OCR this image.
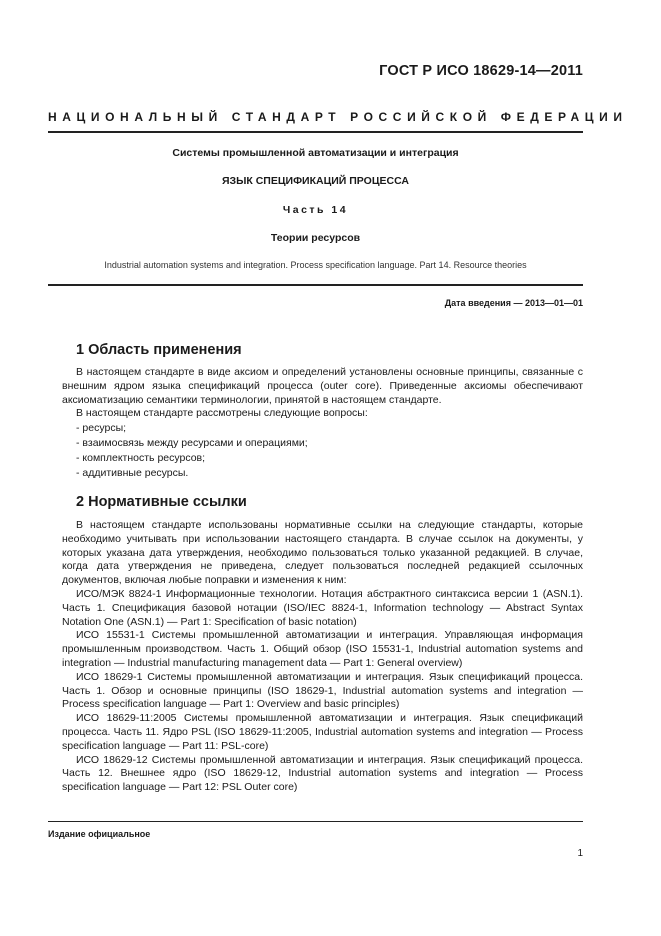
ГОСТ Р ИСО 18629-14—2011
НАЦИОНАЛЬНЫЙ СТАНДАРТ РОССИЙСКОЙ ФЕДЕРАЦИИ
Системы промышленной автоматизации и интеграция
ЯЗЫК СПЕЦИФИКАЦИЙ ПРОЦЕССА
Часть 14
Теории ресурсов
Industrial automation systems and integration. Process specification language. Part 14. Resource theories
Дата введения — 2013—01—01
1 Область применения

В настоящем стандарте в виде аксиом и определений установлены основные принципы, связанные с внешним ядром языка спецификаций процесса (outer core). Приведенные аксиомы обеспечивают аксиоматизацию семантики терминологии, принятой в настоящем стандарте.

В настоящем стандарте рассмотрены следующие вопросы:

- ресурсы;
- взаимосвязь между ресурсами и операциями;
- комплектность ресурсов;
- аддитивные ресурсы.
2 Нормативные ссылки

В настоящем стандарте использованы нормативные ссылки на следующие стандарты, которые необходимо учитывать при использовании настоящего стандарта. В случае ссылок на документы, у которых указана дата утверждения, необходимо пользоваться только указанной редакцией. В случае, когда дата утверждения не приведена, следует пользоваться последней редакцией ссылочных документов, включая любые поправки и изменения к ним:

ИСО/МЭК 8824-1 Информационные технологии. Нотация абстрактного синтаксиса версии 1 (ASN.1). Часть 1. Спецификация базовой нотации (ISO/IEC 8824-1, Information technology — Abstract Syntax Notation One (ASN.1) — Part 1: Specification of basic notation)

ИСО 15531-1 Системы промышленной автоматизации и интеграция. Управляющая информация промышленным производством. Часть 1. Общий обзор (ISO 15531-1, Industrial automation systems and integration — Industrial manufacturing management data — Part 1: General overview)

ИСО 18629-1 Системы промышленной автоматизации и интеграция. Язык спецификаций процесса. Часть 1. Обзор и основные принципы (ISO 18629-1, Industrial automation systems and integration — Process specification language — Part 1: Overview and basic principles)

ИСО 18629-11:2005 Системы промышленной автоматизации и интеграция. Язык спецификаций процесса. Часть 11. Ядро PSL (ISO 18629-11:2005, Industrial automation systems and integration — Process specification language — Part 11: PSL-core)

ИСО 18629-12 Системы промышленной автоматизации и интеграция. Язык спецификаций процесса. Часть 12. Внешнее ядро (ISO 18629-12, Industrial automation systems and integration — Process specification language — Part 12: PSL Outer core)

Издание официальное
1
